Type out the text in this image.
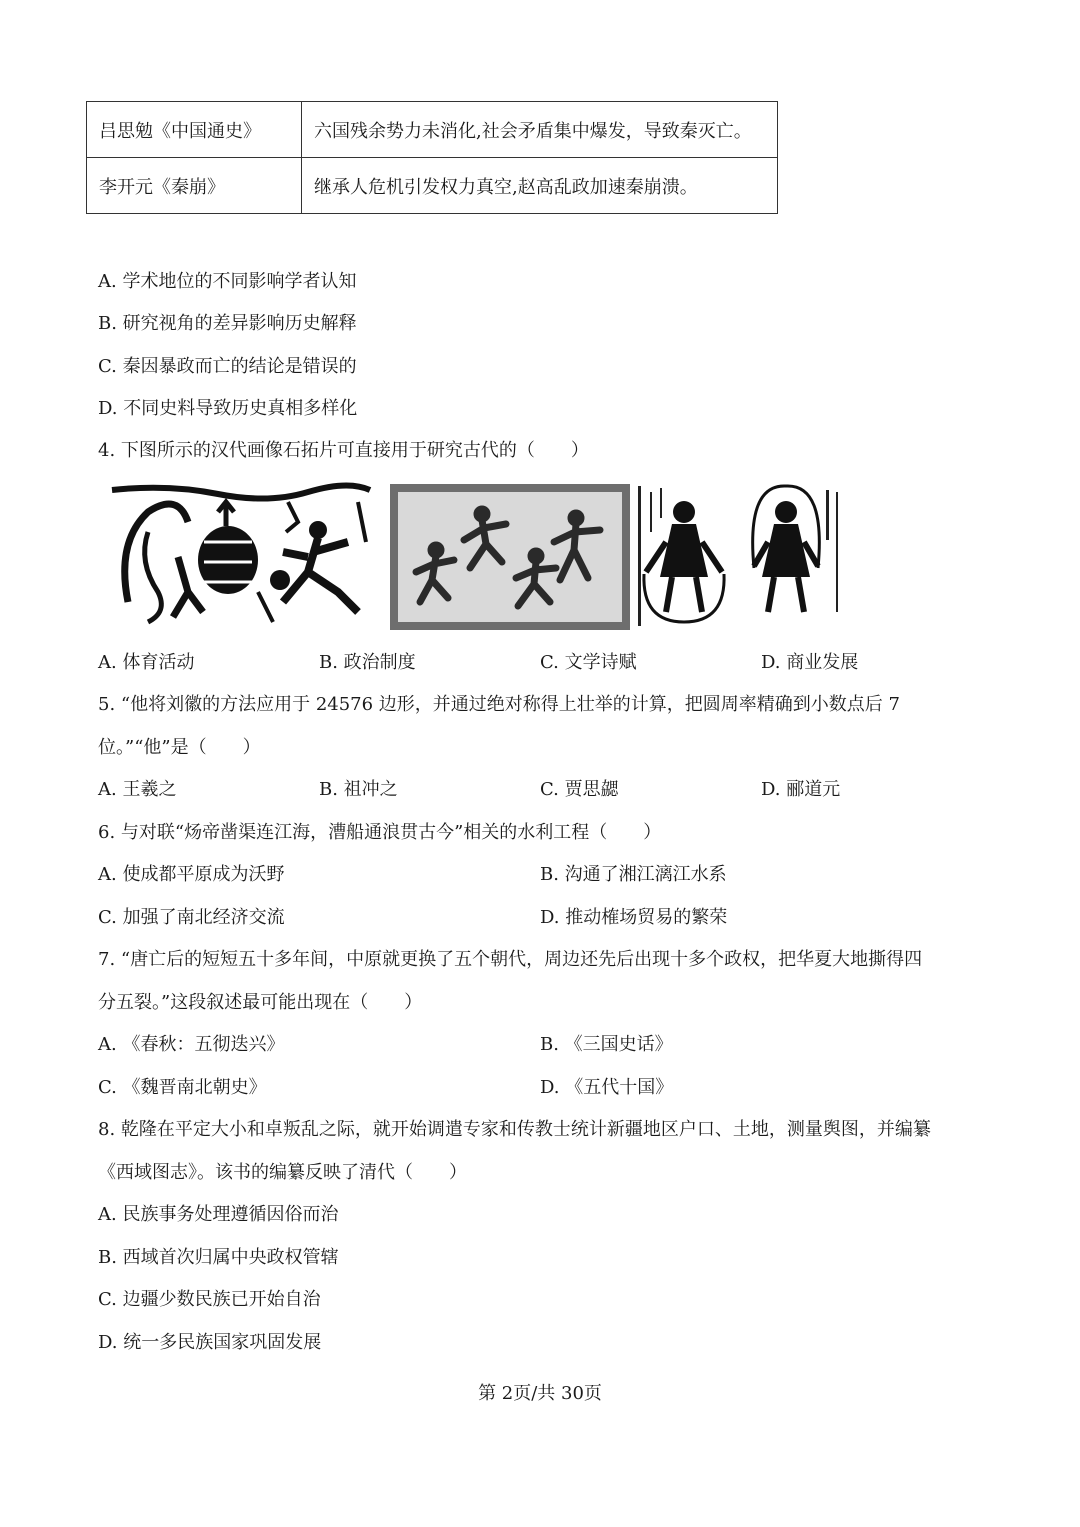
吕思勉《中国通史》	六国残余势力未消化,社会矛盾集中爆发，导致秦灭亡。
李开元《秦崩》	继承人危机引发权力真空,赵高乱政加速秦崩溃。
A. 学术地位的不同影响学者认知
B. 研究视角的差异影响历史解释
C. 秦因暴政而亡的结论是错误的
D. 不同史料导致历史真相多样化
4. 下图所示的汉代画像石拓片可直接用于研究古代的（　　）
A. 体育活动	B. 政治制度	C. 文学诗赋	D. 商业发展
5. “他将刘徽的方法应用于 24576 边形，并通过绝对称得上壮举的计算，把圆周率精确到小数点后 7
位。”“他”是（　　）
A. 王羲之	B. 祖冲之	C. 贾思勰	D. 郦道元
6. 与对联“炀帝凿渠连江海，漕船通浪贯古今”相关的水利工程（　　）
A. 使成都平原成为沃野	B. 沟通了湘江漓江水系
C. 加强了南北经济交流	D. 推动榷场贸易的繁荣
7. “唐亡后的短短五十多年间，中原就更换了五个朝代，周边还先后出现十多个政权，把华夏大地撕得四
分五裂。”这段叙述最可能出现在（　　）
A. 《春秋：五彻迭兴》	B. 《三国史话》
C. 《魏晋南北朝史》	D. 《五代十国》
8. 乾隆在平定大小和卓叛乱之际，就开始调遣专家和传教士统计新疆地区户口、土地，测量舆图，并编纂
《西域图志》。该书的编纂反映了清代（　　）
A. 民族事务处理遵循因俗而治
B. 西域首次归属中央政权管辖
C. 边疆少数民族已开始自治
D. 统一多民族国家巩固发展
第 2页/共 30页
